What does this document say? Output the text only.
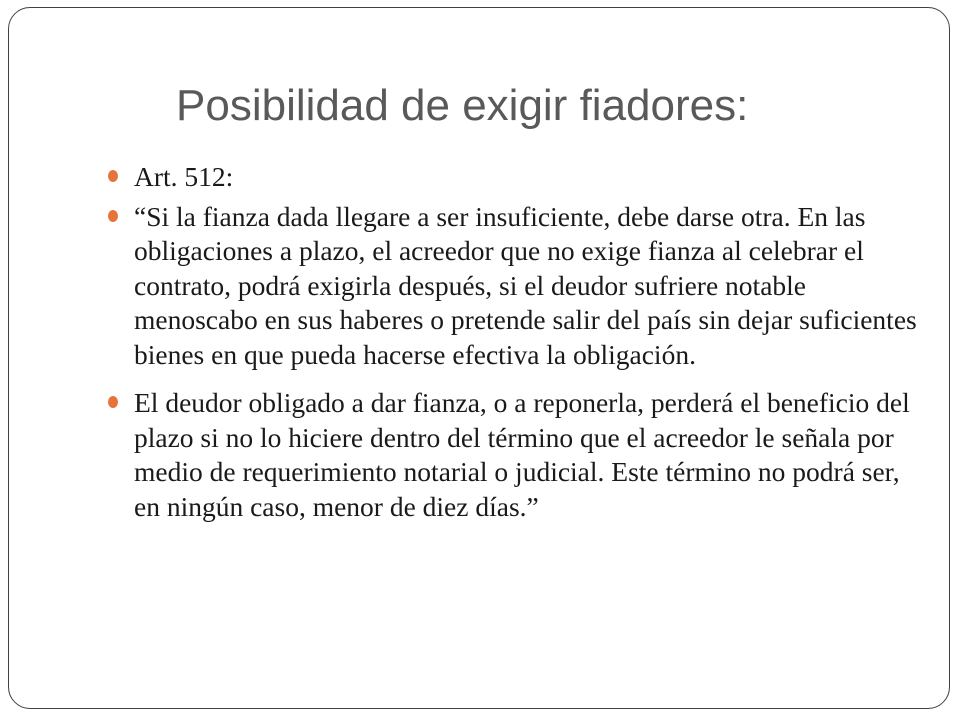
Posibilidad de exigir fiadores:
Art. 512:
“Si la fianza dada llegare a ser insuficiente, debe darse otra. En las obligaciones a plazo, el acreedor que no exige fianza al celebrar el contrato, podrá exigirla después, si el deudor sufriere notable menoscabo en sus haberes o pretende salir del país sin dejar suficientes bienes en que pueda hacerse efectiva la obligación.
El deudor obligado a dar fianza, o a reponerla, perderá el beneficio del plazo si no lo hiciere dentro del término que el acreedor le señala por medio de requerimiento notarial o judicial. Este término no podrá ser, en ningún caso, menor de diez días.”
